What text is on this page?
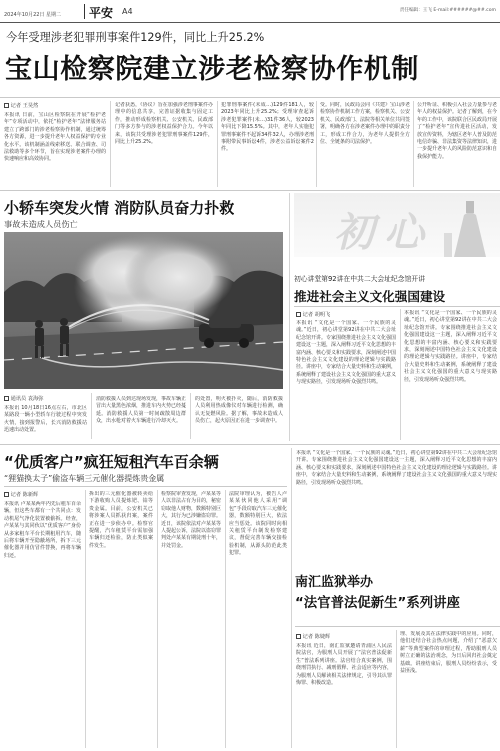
2024年10月22日 星期二 平安 A4	责任编辑：王飞 E-mail:######@##.com
今年受理涉老犯罪刑事案件129件，同比上升25.2%
宝山检察院建立涉老检察协作机制
记者 王昊然
本报讯 日前，宝山区检察院在开展“检护老年”专项活动中，依托“检护老年”法律服务站建立了跨部门的涉老检察协作机制，通过统筹各方资源，进一步提升老年人权益保护的专业化水平。该机制涵盖线索移送、联合调查、司法救助等多个环节，旨在实现涉老案件办理的快速响应和高效协同。
记者获悉，《协议》旨在加强涉老刑事案件办理中的信息共享，完善证据收集与固定工作，推动形成检察机关、公安机关、民政部门等多方参与的涉老权益保护合力。今年以来，该院共受理涉老犯罪刑事案件129件，同比上升25.2%。
犯罪刑事案件(未成…)129件181人，较2023年同比上升25.2%；受理审查起诉涉老犯罪案件(未…)31件36人，较2023年同比下降15.5%。其中，老年人实施犯罪刑事案件不起诉34件32人，办理涉老刑事附带民事诉讼4件，涉老公益诉讼案件2件。
受。同时，民政局会同《共建》宝山涉老检察协作机制工作方案，检察机关、公安机关、民政部门、法院等相关单位共同签署，明确各方在涉老案件办理中的职责分工，形成工作合力，为老年人提供全方位、全链条的司法保护。
公开听证、积极引入社会力量参与老年人的权益保护。记者了解到，在今年的工作中，该院联合区民政局开展了“检护老年”宣传进社区活动，发放宣传资料，为辖区老年人普及防范电信诈骗、非法集资等法律知识，进一步提升老年人的风险防范意识和自我保护能力。
小轿车突发火情 消防队员奋力扑救
事故未造成人员伤亡
通讯员 袁海弥
本报讯 10月18日16点左右，市北区某路段一辆小型轿车行驶过程中突发火情，接到报警后，长兴消防救援站迅速出动处置。
消防救援人员到达现场发现，事故车辆正冒出大量黑色浓烟，推进车内火势已经蔓延。消防救援人员第一时间疏散周边群众，出水枪对着火车辆进行冷却灭火。
的处置，明火被扑灭，随后，消防救援人员利用热成像仪对车辆进行检测，确认无复燃风险。据了解，事故未造成人员伤亡，起火原因正在进一步调查中。
初心
初心讲堂第92讲在中共二大会址纪念馆开讲
推进社会主义文化强国建设
记者 胡明飞
本报讯 “文化是一个国家、一个民族的灵魂。”近日，初心讲堂第92讲在中共二大会址纪念馆开讲。专家围绕推进社会主义文化强国建设这一主题，深入阐释习近平文化思想的丰富内涵、核心要义和实践要求，深刻阐述中国特色社会主义文化建设的理论逻辑与实践路径。讲座中，专家结合大量史料和生动案例，系统阐释了建设社会主义文化强国的重大意义与现实路径，引发现场听众强烈共鸣。
本报讯 “文化是一个国家、一个民族的灵魂。”近日，初心讲堂第92讲在中共二大会址纪念馆开讲。专家围绕推进社会主义文化强国建设这一主题，深入阐释习近平文化思想的丰富内涵、核心要义和实践要求，深刻阐述中国特色社会主义文化建设的理论逻辑与实践路径。讲座中，专家结合大量史料和生动案例，系统阐释了建设社会主义文化强国的重大意义与现实路径，引发现场听众强烈共鸣。
“优质客户”疯狂短租汽车百余辆
“狸猫换太子”偷盗车辆三元催化器提炼贵金属
记者 陈新辉
本报讯 卢某某两年内先后租车百余辆，但这些车都有一个共同点：发动机尾气净化装置被偷拆。经查，卢某某与其同伙以“优质客户”身份从多家租车平台长期租用汽车，随后将车辆开至隐蔽场所，拆下三元催化器并用仿冒件替换，再将车辆归还。
拆出的三元催化器被转卖给下游收购人员提炼钯、铂等贵金属。目前，公安机关已将涉案人员抓获归案，案件正在进一步侦办中。检察官提醒，汽车租赁平台需加强车辆归还检验，防止类似案件发生。
检察院审查发现，卢某某等人以非法占有为目的，秘密窃取他人财物，数额特别巨大，其行为已涉嫌盗窃罪。近日，该院依法对卢某某等人提起公诉，法院以盗窃罪判处卢某某有期徒刑十年，并处罚金。
法院审理认为，被告人卢某某伙同他人采用“调包”手段窃取汽车三元催化器，数额特别巨大，依法应当惩处。该院同时向相关租赁平台制发检察建议，督促完善车辆交接检验机制，从源头防范此类犯罪。
南汇监狱举办
“法官普法促新生”系列讲座
记者 陈婕辉
本报讯 近日，南汇监狱邀请青浦区人民法院法官，为服刑人员开展了“法官普法促新生”普法系列讲座。法官结合真实案例，围绕刑罚执行、减刑假释、社会适应等内容，为服刑人员解读相关法律规定，引导其认罪悔罪、积极改造。
理、发展及其在法律实践中的应用。同时，他们还结合社会热点问题，介绍了“恶意欠薪”等典型案件的审理过程，帮助服刑人员树立正确的法治观念，为日后回归社会奠定基础。讲座结束后，服刑人员纷纷表示，受益匪浅。
本报讯 “文化是一个国家、一个民族的灵魂。”近日，初心讲堂第92讲在中共二大会址纪念馆开讲。专家围绕推进社会主义文化强国建设这一主题，深入阐释习近平文化思想的丰富内涵、核心要义和实践要求，深刻阐述中国特色社会主义文化建设的理论逻辑与实践路径。讲座中，专家结合大量史料和生动案例，系统阐释了建设社会主义文化强国的重大意义与现实路径，引发现场听众强烈共鸣。
